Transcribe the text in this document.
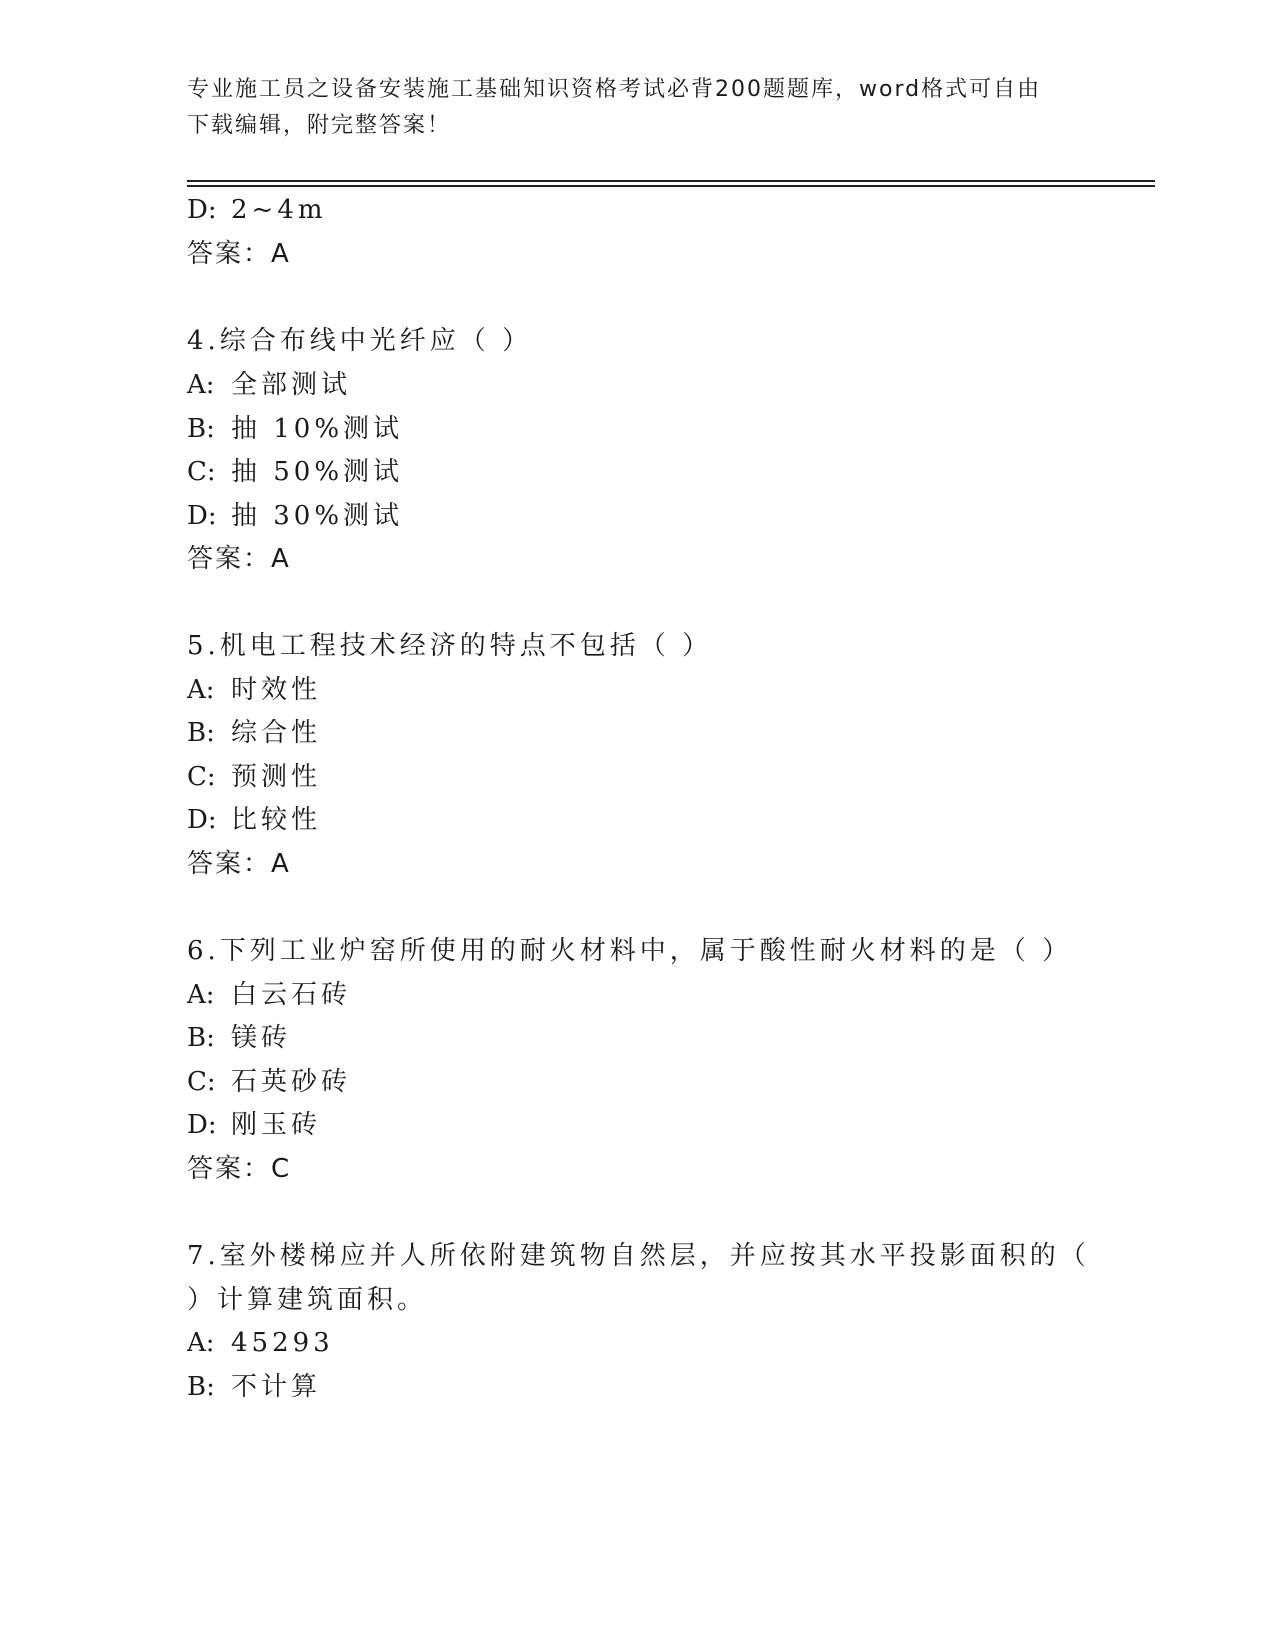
专业施工员之设备安装施工基础知识资格考试必背200题题库，word格式可自由
下载编辑，附完整答案！
D: 2~4m
答案：A
4.综合布线中光纤应（ ）
A: 全部测试
B: 抽 10%测试
C: 抽 50%测试
D: 抽 30%测试
答案：A
5.机电工程技术经济的特点不包括（ ）
A: 时效性
B: 综合性
C: 预测性
D: 比较性
答案：A
6.下列工业炉窑所使用的耐火材料中，属于酸性耐火材料的是（ ）
A: 白云石砖
B: 镁砖
C: 石英砂砖
D: 刚玉砖
答案：C
7.室外楼梯应并人所依附建筑物自然层，并应按其水平投影面积的（
）计算建筑面积。
A: 45293
B: 不计算
